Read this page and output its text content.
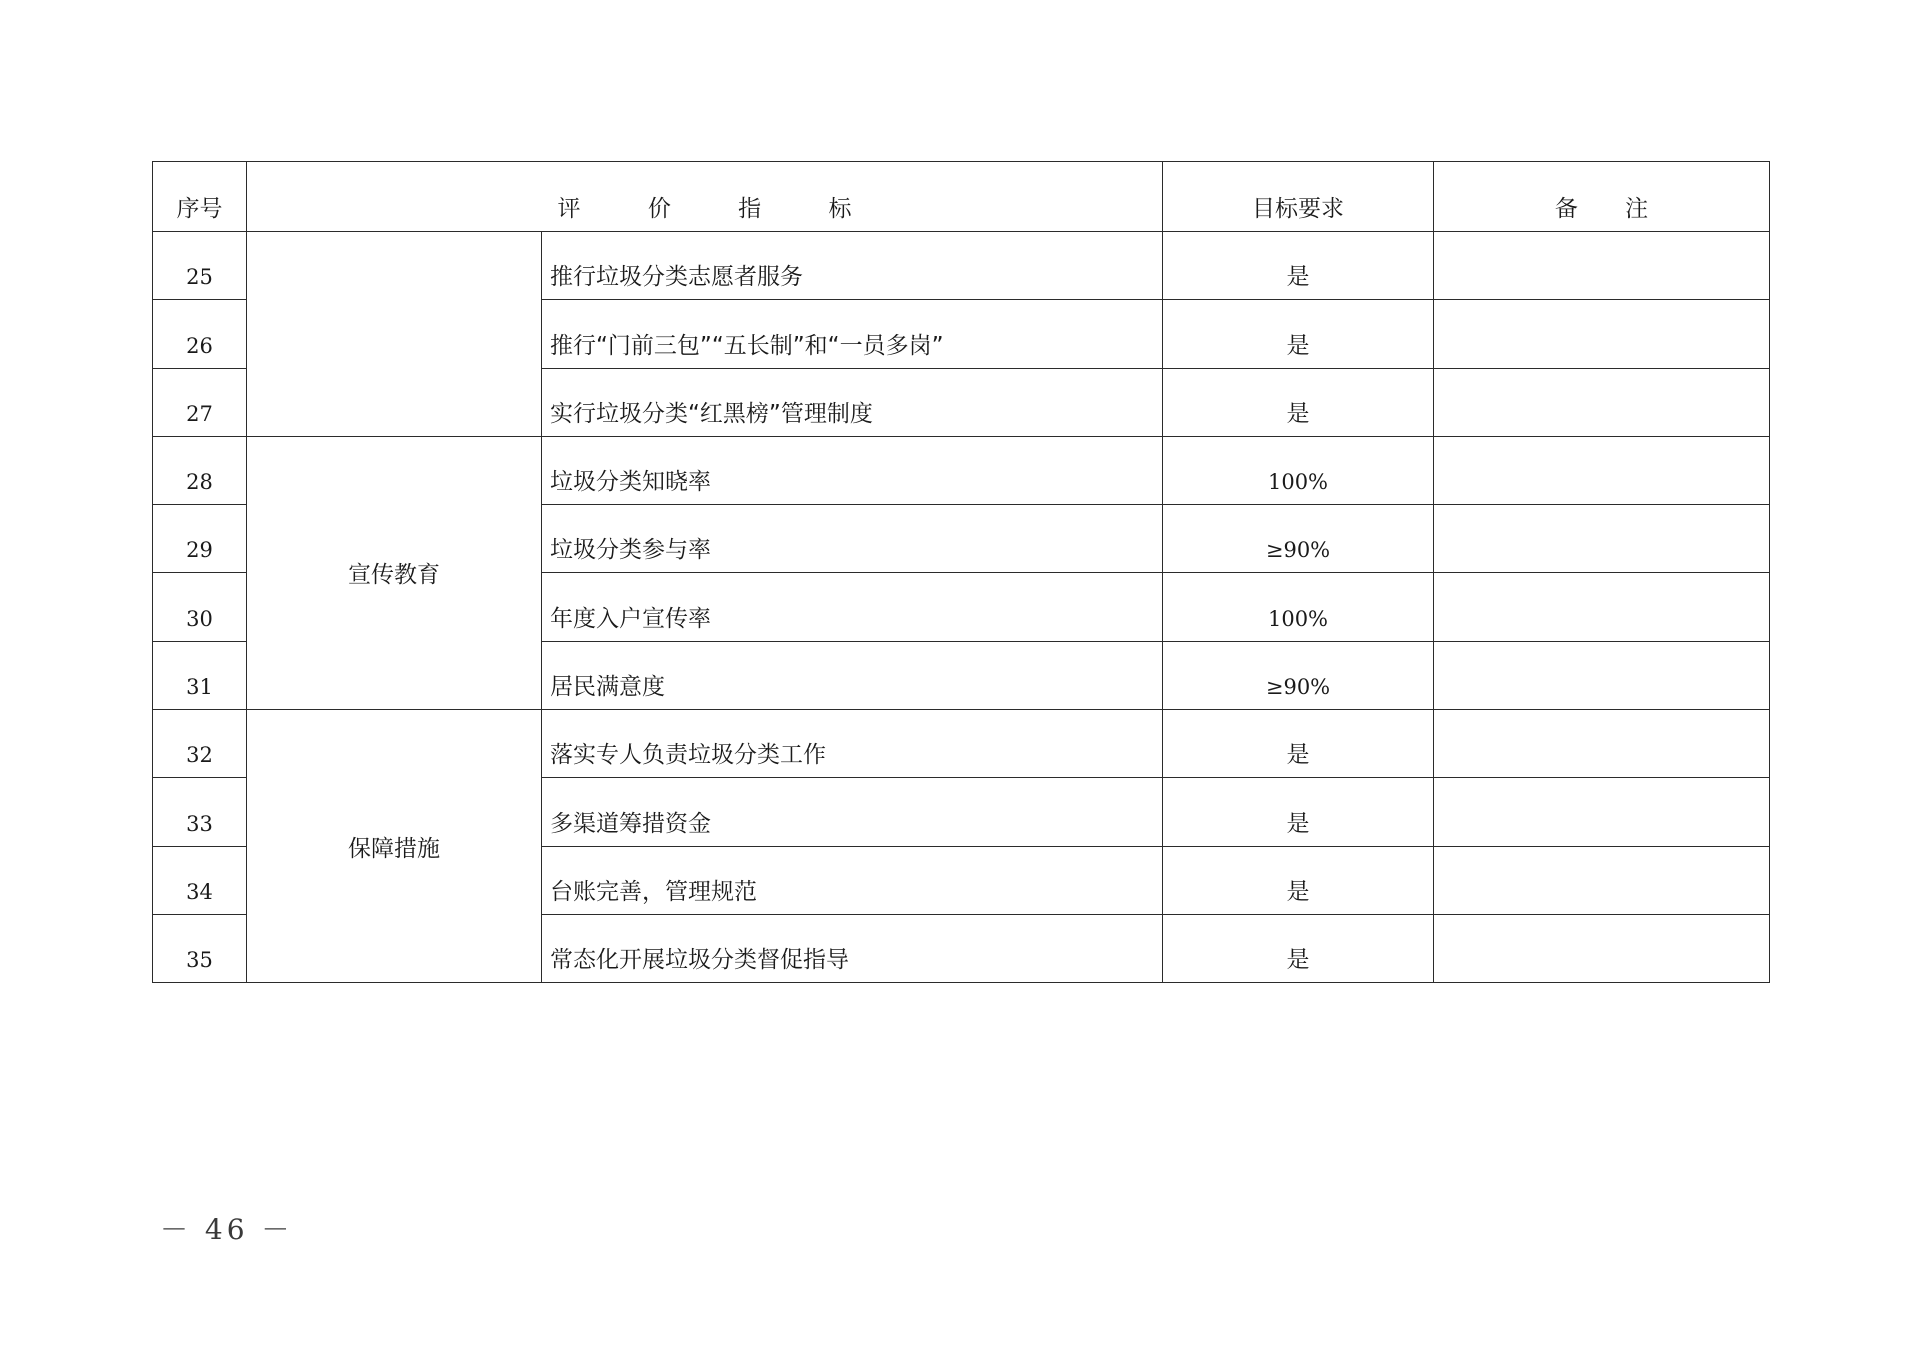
序号	评 价 指 标		目标要求	备 注
25		推行垃圾分类志愿者服务	是	
26		推行“门前三包”“五长制”和“一员多岗”	是	
27		实行垃圾分类“红黑榜”管理制度	是	
28	宣传教育	垃圾分类知晓率	100%	
29		垃圾分类参与率	≥90%	
30		年度入户宣传率	100%	
31		居民满意度	≥90%	
32	保障措施	落实专人负责垃圾分类工作	是	
33		多渠道筹措资金	是	
34		台账完善，管理规范	是	
35		常态化开展垃圾分类督促指导	是	
－ 46 －
